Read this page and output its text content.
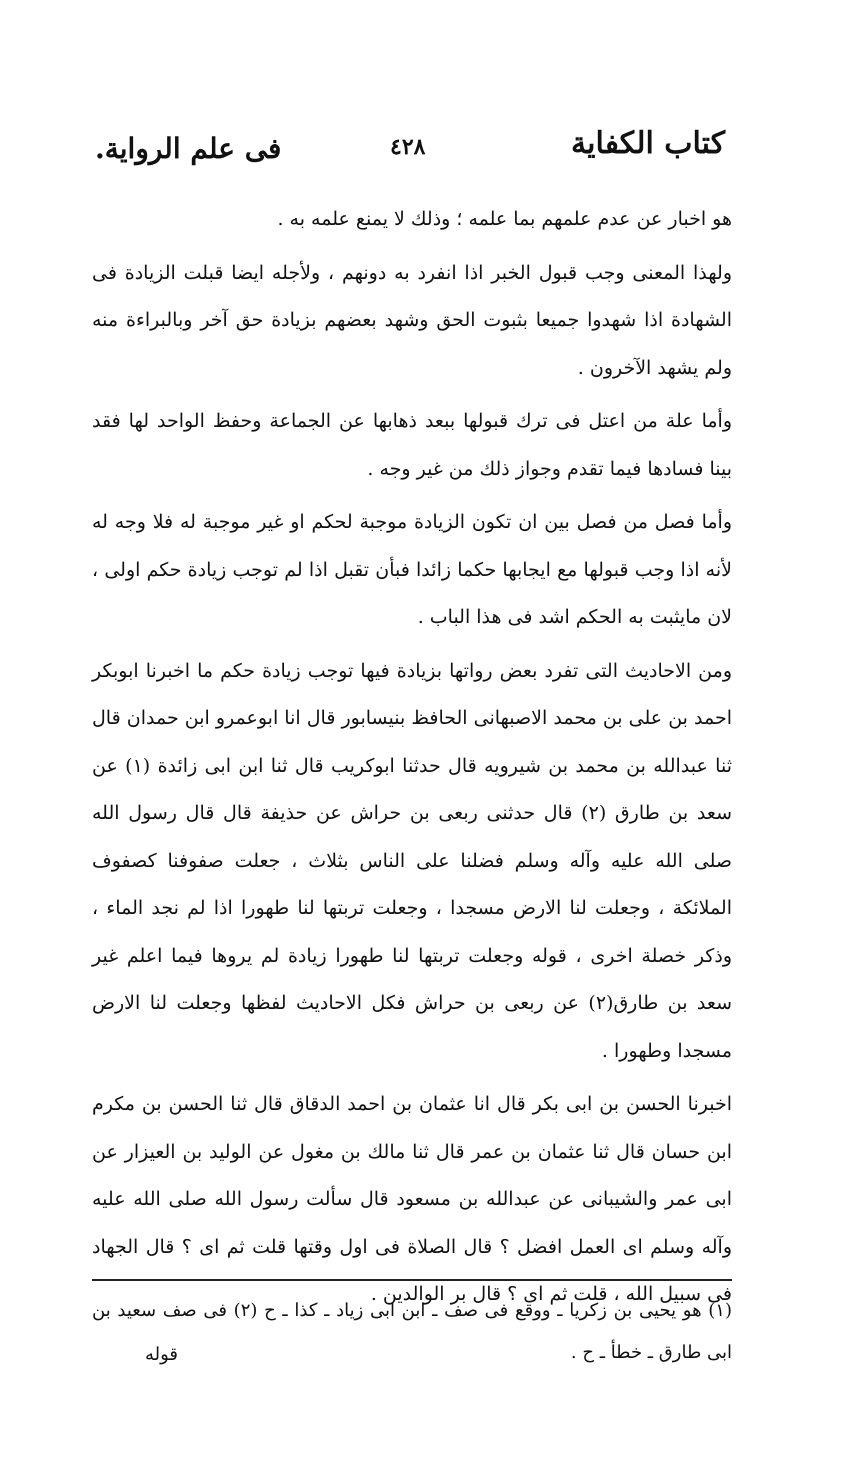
كتاب الكفاية
٤٢٨
فى علم الرواية.

هو اخبار عن عدم علمهم بما علمه ؛ وذلك لا يمنع علمه به .

ولهذا المعنى وجب قبول الخبر اذا انفرد به دونهم ، ولأجله ايضا قبلت الزيادة فى الشهادة اذا شهدوا جميعا بثبوت الحق وشهد بعضهم بزيادة حق آخر وبالبراءة منه ولم يشهد الآخرون .

وأما علة من اعتل فى ترك قبولها ببعد ذهابها عن الجماعة وحفظ الواحد لها فقد بينا فسادها فيما تقدم وجواز ذلك من غير وجه .

وأما فصل من فصل بين ان تكون الزيادة موجبة لحكم او غير موجبة له فلا وجه له لأنه اذا وجب قبولها مع ايجابها حكما زائدا فبأن تقبل اذا لم توجب زيادة حكم اولى ، لان مايثبت به الحكم اشد فى هذا الباب .

ومن الاحاديث التى تفرد بعض رواتها بزيادة فيها توجب زيادة حكم ما اخبرنا ابوبكر احمد بن على بن محمد الاصبهانى الحافظ بنيسابور قال انا ابوعمرو ابن حمدان قال ثنا عبدالله بن محمد بن شيرويه قال حدثنا ابوكريب قال ثنا ابن ابى زائدة (١) عن سعد بن طارق (٢) قال حدثنى ربعى بن حراش عن حذيفة قال قال رسول الله صلى الله عليه وآله وسلم فضلنا على الناس بثلاث ، جعلت صفوفنا كصفوف الملائكة ، وجعلت لنا الارض مسجدا ، وجعلت تربتها لنا طهورا اذا لم نجد الماء ، وذكر خصلة اخرى ، قوله وجعلت تربتها لنا طهورا زيادة لم يروها فيما اعلم غير سعد بن طارق(٢) عن ربعى بن حراش فكل الاحاديث لفظها وجعلت لنا الارض مسجدا وطهورا .

اخبرنا الحسن بن ابى بكر قال انا عثمان بن احمد الدقاق قال ثنا الحسن بن مكرم ابن حسان قال ثنا عثمان بن عمر قال ثنا مالك بن مغول عن الوليد بن العيزار عن ابى عمر والشيبانى عن عبدالله بن مسعود قال سألت رسول الله صلى الله عليه وآله وسلم اى العمل افضل ؟ قال الصلاة فى اول وقتها قلت ثم اى ؟ قال الجهاد فى سبيل الله ، قلت ثم اى ؟ قال بر الوالدين .

(١) هو يحيى بن زكريا ـ ووقع فى صف ـ ابن ابى زياد ـ كذا ـ ح (٢) فى صف سعيد بن ابى طارق ـ خطأ ـ ح .

قوله
